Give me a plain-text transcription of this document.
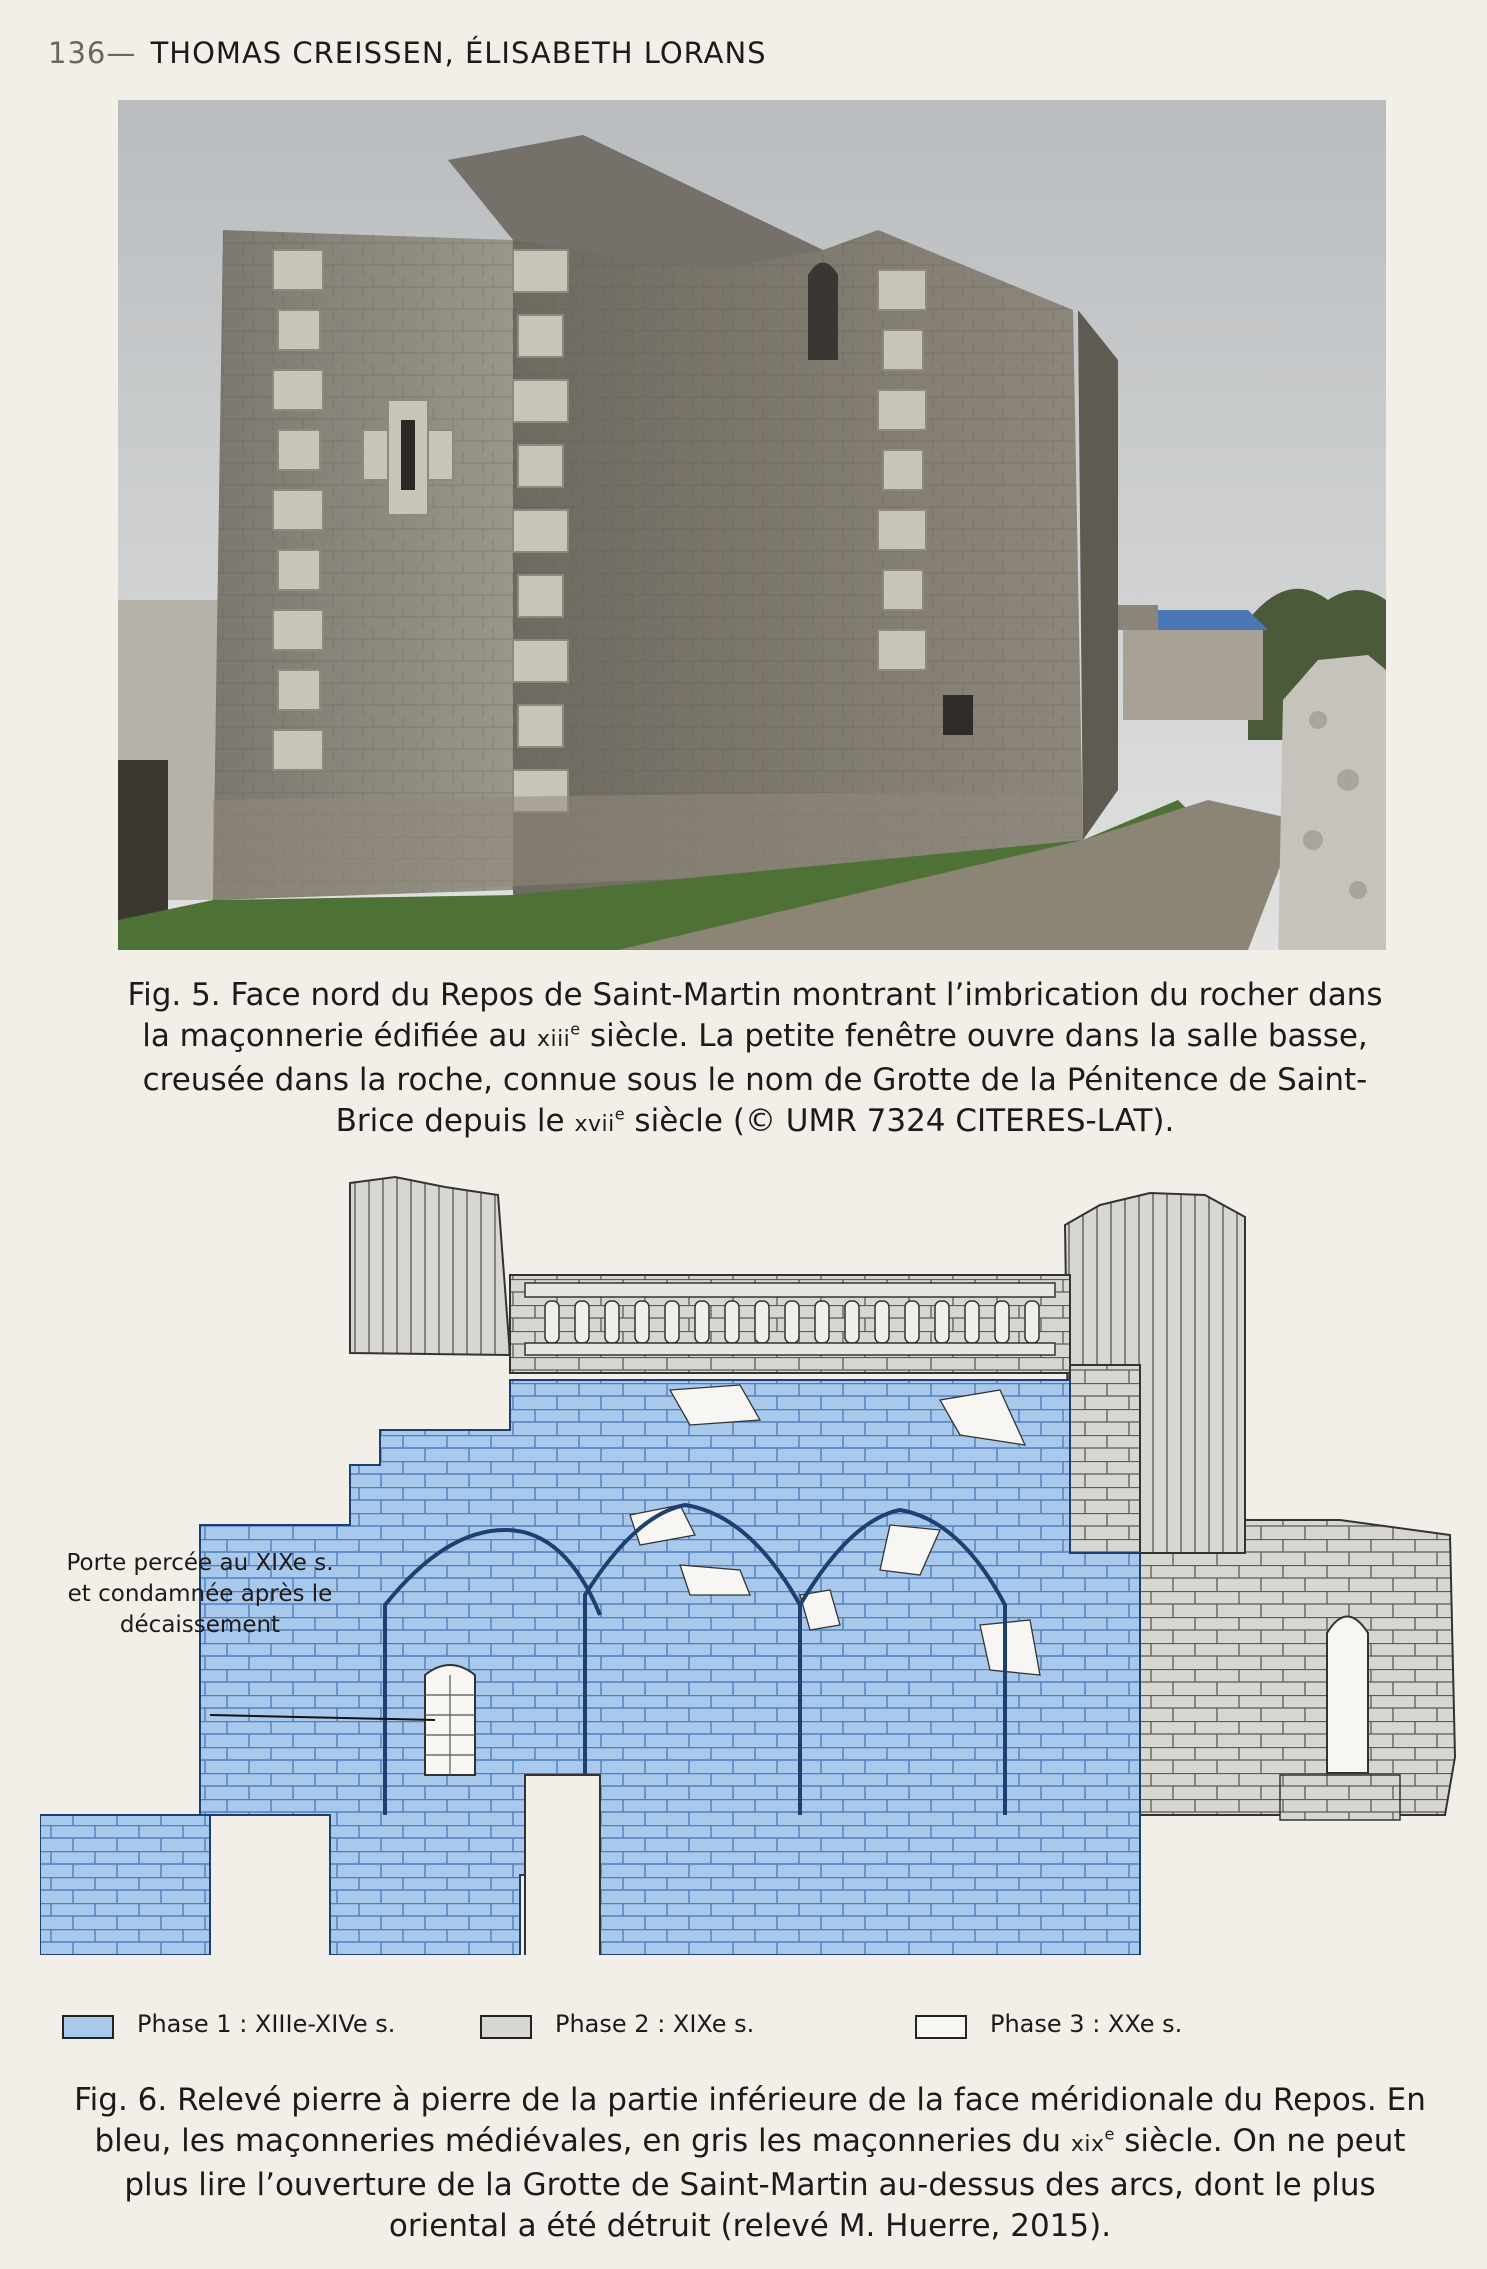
136— THOMAS CREISSEN, ÉLISABETH LORANS
Fig. 5. Face nord du Repos de Saint-Martin montrant l’imbrication du rocher dans la maçonnerie édifiée au xiii$^e$ siècle. La petite fenêtre ouvre dans la salle basse, creusée dans la roche, connue sous le nom de Grotte de la Pénitence de Saint-Brice depuis le xvii$^e$ siècle (© UMR 7324 CITERES-LAT).
Porte percée au XIXe s. et condamnée après le décaissement
Phase 1 : XIIIe-XIVe s.	Phase 2 : XIXe s.	Phase 3 : XXe s.
Fig. 6. Relevé pierre à pierre de la partie inférieure de la face méridionale du Repos. En bleu, les maçonneries médiévales, en gris les maçonneries du xix$^e$ siècle. On ne peut plus lire l’ouverture de la Grotte de Saint-Martin au-dessus des arcs, dont le plus oriental a été détruit (relevé M. Huerre, 2015).
